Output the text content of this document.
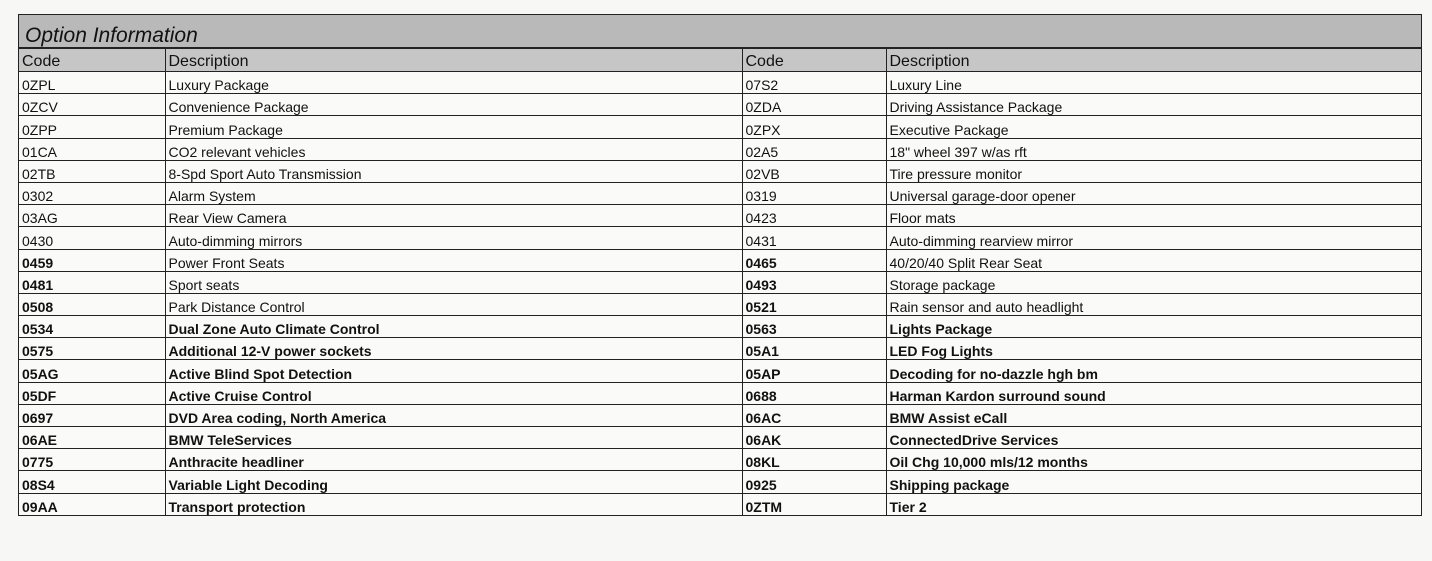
Option Information
Code	Description	Code	Description
0ZPL	Luxury Package	07S2	Luxury Line
0ZCV	Convenience Package	0ZDA	Driving Assistance Package
0ZPP	Premium Package	0ZPX	Executive Package
01CA	CO2 relevant vehicles	02A5	18" wheel 397 w/as rft
02TB	8-Spd Sport Auto Transmission	02VB	Tire pressure monitor
0302	Alarm System	0319	Universal garage-door opener
03AG	Rear View Camera	0423	Floor mats
0430	Auto-dimming mirrors	0431	Auto-dimming rearview mirror
0459	Power Front Seats	0465	40/20/40 Split Rear Seat
0481	Sport seats	0493	Storage package
0508	Park Distance Control	0521	Rain sensor and auto headlight
0534	Dual Zone Auto Climate Control	0563	Lights Package
0575	Additional 12-V power sockets	05A1	LED Fog Lights
05AG	Active Blind Spot Detection	05AP	Decoding for no-dazzle hgh bm
05DF	Active Cruise Control	0688	Harman Kardon surround sound
0697	DVD Area coding, North America	06AC	BMW Assist eCall
06AE	BMW TeleServices	06AK	ConnectedDrive Services
0775	Anthracite headliner	08KL	Oil Chg 10,000 mls/12 months
08S4	Variable Light Decoding	0925	Shipping package
09AA	Transport protection	0ZTM	Tier 2
